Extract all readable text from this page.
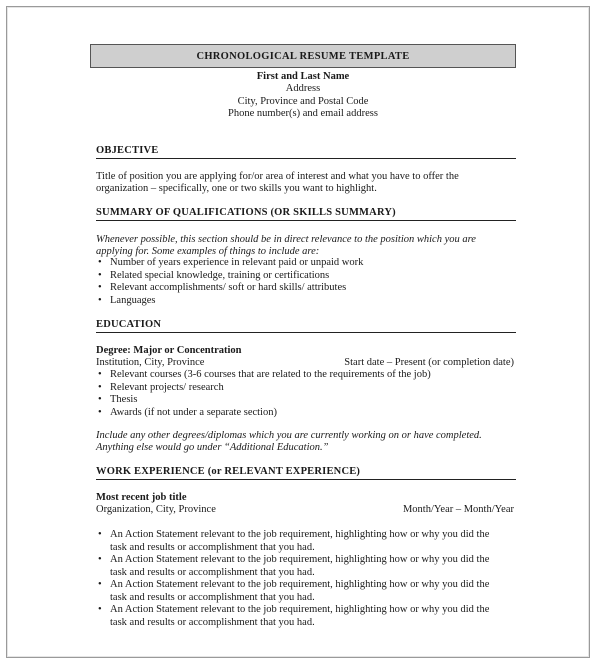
CHRONOLOGICAL RESUME TEMPLATE
First and Last Name
Address
City, Province and Postal Code
Phone number(s) and email address
OBJECTIVE
Title of position you are applying for/or area of interest and what you have to offer the
organization – specifically, one or two skills you want to highlight.
SUMMARY OF QUALIFICATIONS (OR SKILLS SUMMARY)
Whenever possible, this section should be in direct relevance to the position which you are
applying for. Some examples of things to include are:
• Number of years experience in relevant paid or unpaid work
• Related special knowledge, training or certifications
• Relevant accomplishments/ soft or hard skills/ attributes
• Languages
EDUCATION
Degree: Major or Concentration
Institution, City, Province	Start date – Present (or completion date)
• Relevant courses (3-6 courses that are related to the requirements of the job)
• Relevant projects/ research
• Thesis
• Awards (if not under a separate section)
Include any other degrees/diplomas which you are currently working on or have completed.
Anything else would go under “Additional Education.”
WORK EXPERIENCE (or RELEVANT EXPERIENCE)
Most recent job title
Organization, City, Province	Month/Year – Month/Year
• An Action Statement relevant to the job requirement, highlighting how or why you did the
task and results or accomplishment that you had.
• An Action Statement relevant to the job requirement, highlighting how or why you did the
task and results or accomplishment that you had.
• An Action Statement relevant to the job requirement, highlighting how or why you did the
task and results or accomplishment that you had.
• An Action Statement relevant to the job requirement, highlighting how or why you did the
task and results or accomplishment that you had.
